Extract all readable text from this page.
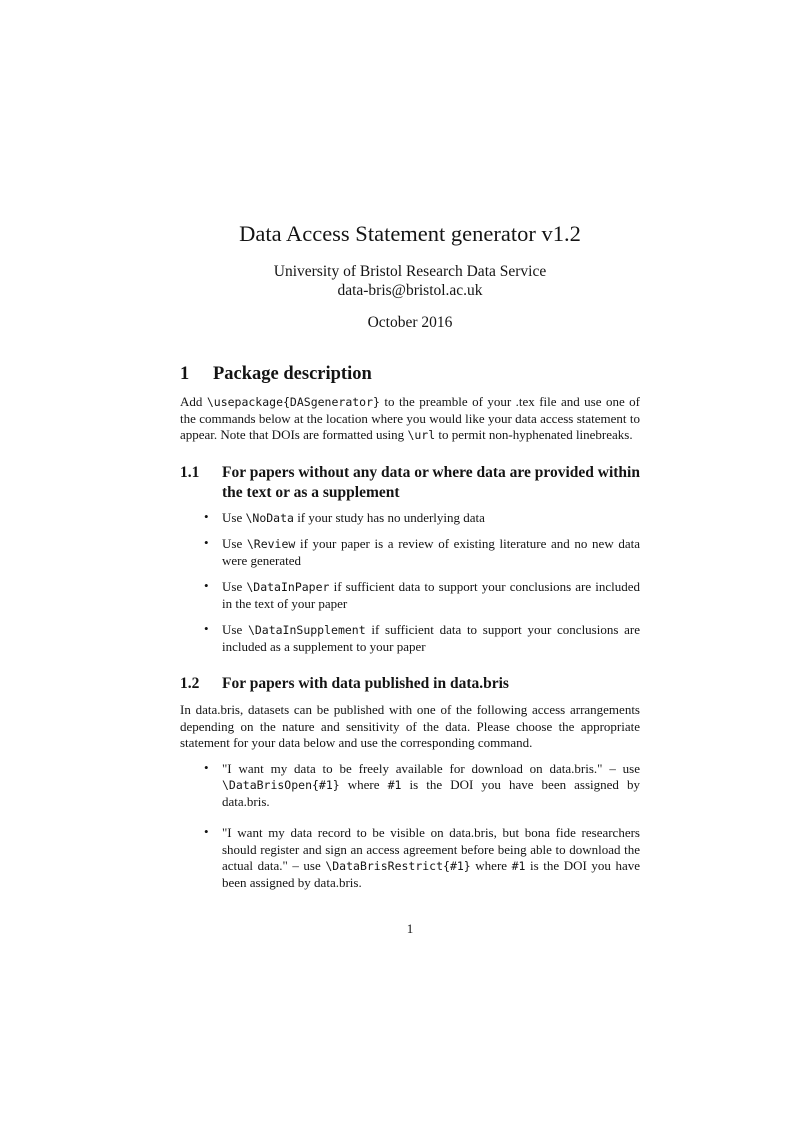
Data Access Statement generator v1.2
University of Bristol Research Data Service
data-bris@bristol.ac.uk
October 2016
1	Package description

Add \usepackage{DASgenerator} to the preamble of your .tex file and use one of the commands below at the location where you would like your data access statement to appear. Note that DOIs are formatted using \url to permit non-hyphenated linebreaks.

1.1	For papers without any data or where data are provided within the text or as a supplement
• Use \NoData if your study has no underlying data
• Use \Review if your paper is a review of existing literature and no new data were generated
• Use \DataInPaper if sufficient data to support your conclusions are included in the text of your paper
• Use \DataInSupplement if sufficient data to support your conclusions are included as a supplement to your paper
1.2	For papers with data published in data.bris

In data.bris, datasets can be published with one of the following access arrangements depending on the nature and sensitivity of the data. Please choose the appropriate statement for your data below and use the corresponding command.

• "I want my data to be freely available for download on data.bris." – use \DataBrisOpen{#1} where #1 is the DOI you have been assigned by data.bris.
• "I want my data record to be visible on data.bris, but bona fide researchers should register and sign an access agreement before being able to download the actual data." – use \DataBrisRestrict{#1} where #1 is the DOI you have been assigned by data.bris.
1
